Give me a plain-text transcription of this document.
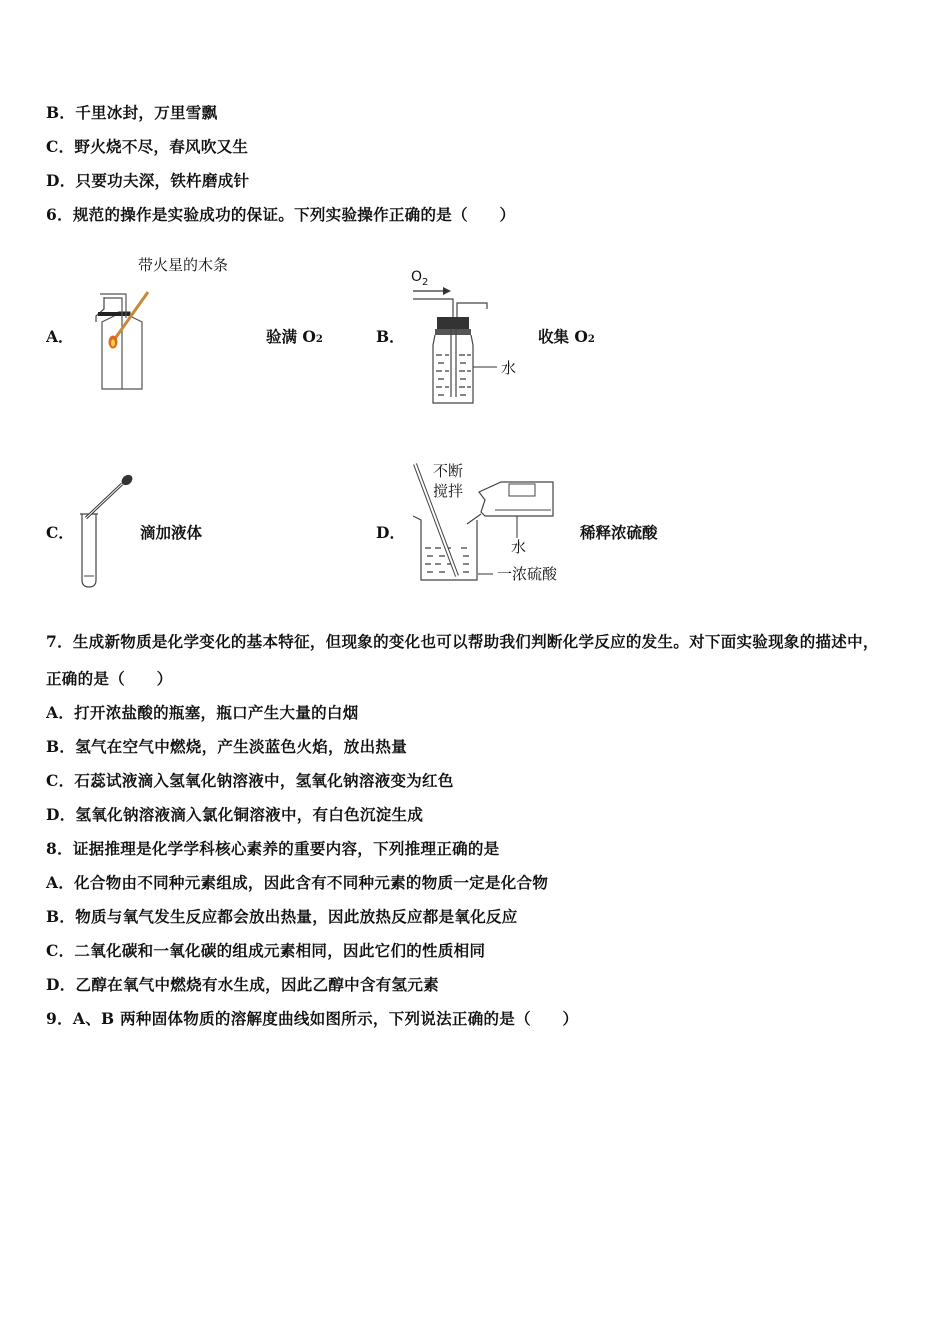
B．千里冰封，万里雪飘
C．野火烧不尽，春风吹又生
D．只要功夫深，铁杵磨成针
6．规范的操作是实验成功的保证。下列实验操作正确的是（　　）
A．
带火星的木条
验满 O2	B．
$O_2$
水
收集 O2
C．	滴加液体	D．
不断
搅拌
水
一浓硫酸
稀释浓硫酸
7．生成新物质是化学变化的基本特征，但现象的变化也可以帮助我们判断化学反应的发生。对下面实验现象的描述中，
正确的是（　　）
A．打开浓盐酸的瓶塞，瓶口产生大量的白烟
B．氢气在空气中燃烧，产生淡蓝色火焰，放出热量
C．石蕊试液滴入氢氧化钠溶液中，氢氧化钠溶液变为红色
D．氢氧化钠溶液滴入氯化铜溶液中，有白色沉淀生成
8．证据推理是化学学科核心素养的重要内容，下列推理正确的是
A．化合物由不同种元素组成，因此含有不同种元素的物质一定是化合物
B．物质与氧气发生反应都会放出热量，因此放热反应都是氧化反应
C．二氧化碳和一氧化碳的组成元素相同，因此它们的性质相同
D．乙醇在氧气中燃烧有水生成，因此乙醇中含有氢元素
9．A、B 两种固体物质的溶解度曲线如图所示，下列说法正确的是（　　）
